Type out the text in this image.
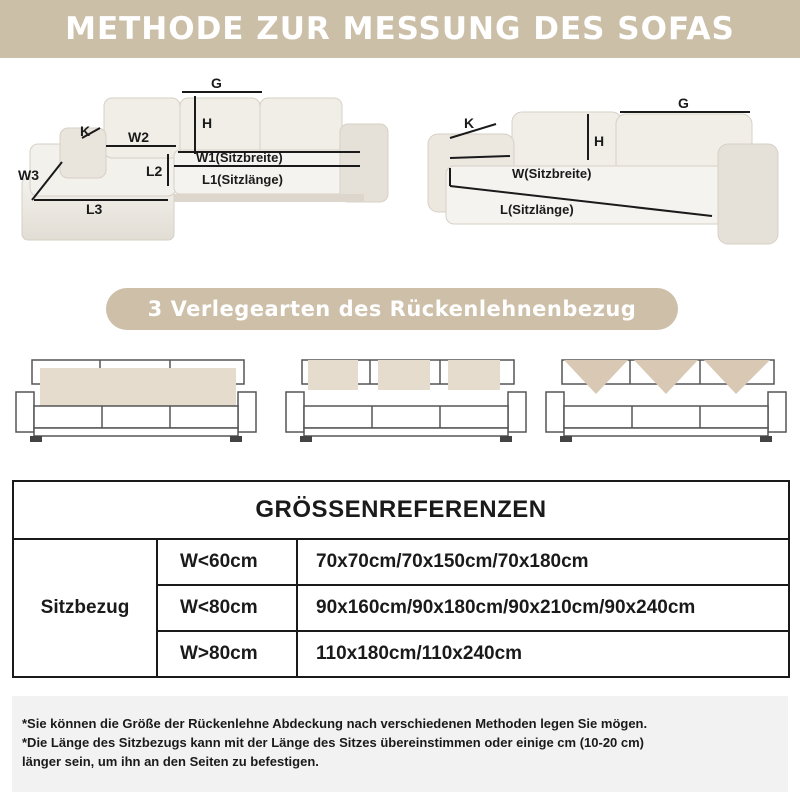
METHODE ZUR MESSUNG DES SOFAS
G
H
K	W2
W1(Sitzbreite)
W3	L2
L1(Sitzlänge)
L3
G
K
H
W(Sitzbreite)
L(Sitzlänge)
3 Verlegearten des Rückenlehnenbezug
GRÖSSENREFERENZEN		
Sitzbezug	W<60cm	70x70cm/70x150cm/70x180cm
	W<80cm	90x160cm/90x180cm/90x210cm/90x240cm
	W>80cm	110x180cm/110x240cm
*Sie können die Größe der Rückenlehne Abdeckung nach verschiedenen Methoden legen Sie mögen.
*Die Länge des Sitzbezugs kann mit der Länge des Sitzes übereinstimmen oder einige cm (10-20 cm)
länger sein, um ihn an den Seiten zu befestigen.
